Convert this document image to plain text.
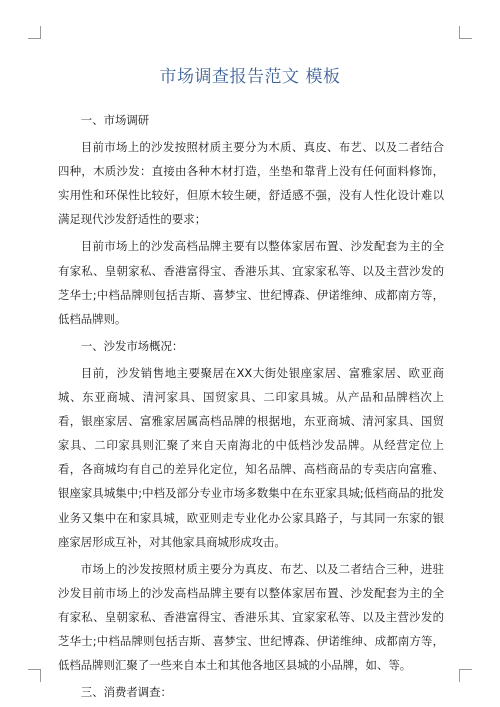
市场调查报告范文 模板

一、市场调研

目前市场上的沙发按照材质主要分为木质、真皮、布艺、以及二者结合四种，木质沙发：直接由各种木材打造，坐垫和靠背上没有任何面料修饰，实用性和环保性比较好，但原木较生硬，舒适感不强，没有人性化设计难以满足现代沙发舒适性的要求；

目前市场上的沙发高档品牌主要有以整体家居布置、沙发配套为主的全有家私、皇朝家私、香港富得宝、香港乐其、宜家家私等、以及主营沙发的芝华士;中档品牌则包括吉斯、喜梦宝、世纪博森、伊诺维绅、成都南方等，低档品牌则。

一、沙发市场概况：

目前，沙发销售地主要聚居在XX大街处银座家居、富雅家居、欧亚商城、东亚商城、清河家具、国贸家具、二印家具城。从产品和品牌档次上看，银座家居、富雅家居属高档品牌的根据地，东亚商城、清河家具、国贸家具、二印家具则汇聚了来自天南海北的中低档沙发品牌。从经营定位上看，各商城均有自己的差异化定位，知名品牌、高档商品的专卖店向富雅、银座家具城集中;中档及部分专业市场多数集中在东亚家具城;低档商品的批发业务又集中在和家具城，欧亚则走专业化办公家具路子，与其同一东家的银座家居形成互补，对其他家具商城形成攻击。

市场上的沙发按照材质主要分为真皮、布艺、以及二者结合三种，进驻沙发目前市场上的沙发高档品牌主要有以整体家居布置、沙发配套为主的全有家私、皇朝家私、香港富得宝、香港乐其、宜家家私等、以及主营沙发的芝华士;中档品牌则包括吉斯、喜梦宝、世纪博森、伊诺维绅、成都南方等，低档品牌则汇聚了一些来自本土和其他各地区县城的小品牌，如、等。

三、消费者调查：
